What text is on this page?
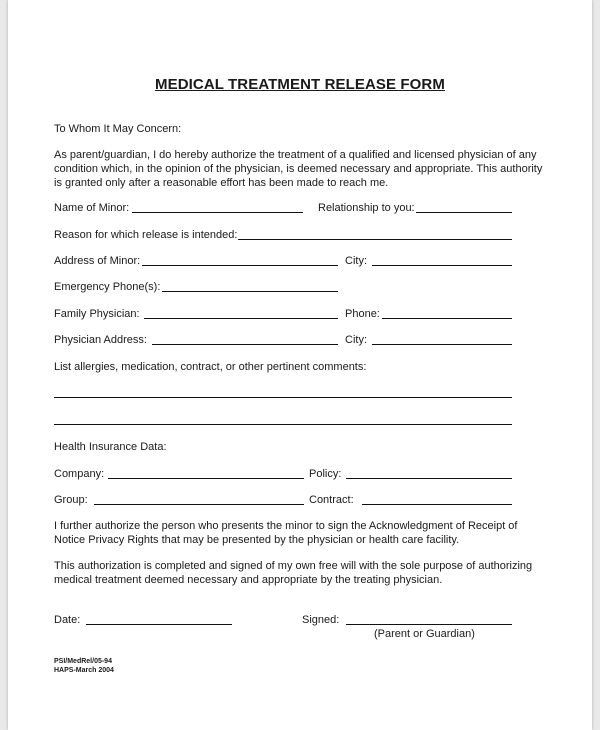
MEDICAL TREATMENT RELEASE FORM
To Whom It May Concern:
As parent/guardian, I do hereby authorize the treatment of a qualified and licensed physician of any
condition which, in the opinion of the physician, is deemed necessary and appropriate. This authority
is granted only after a reasonable effort has been made to reach me.
Name of Minor:	Relationship to you:
Reason for which release is intended:
Address of Minor:	City:
Emergency Phone(s):
Family Physician:	Phone:
Physician Address:	City:
List allergies, medication, contract, or other pertinent comments:
Health Insurance Data:
Company:	Policy:
Group:	Contract:
I further authorize the person who presents the minor to sign the Acknowledgment of Receipt of
Notice Privacy Rights that may be presented by the physician or health care facility.
This authorization is completed and signed of my own free will with the sole purpose of authorizing
medical treatment deemed necessary and appropriate by the treating physician.
Date:	Signed:
(Parent or Guardian)
PSI/MedRel/05-94
HAPS-March 2004
